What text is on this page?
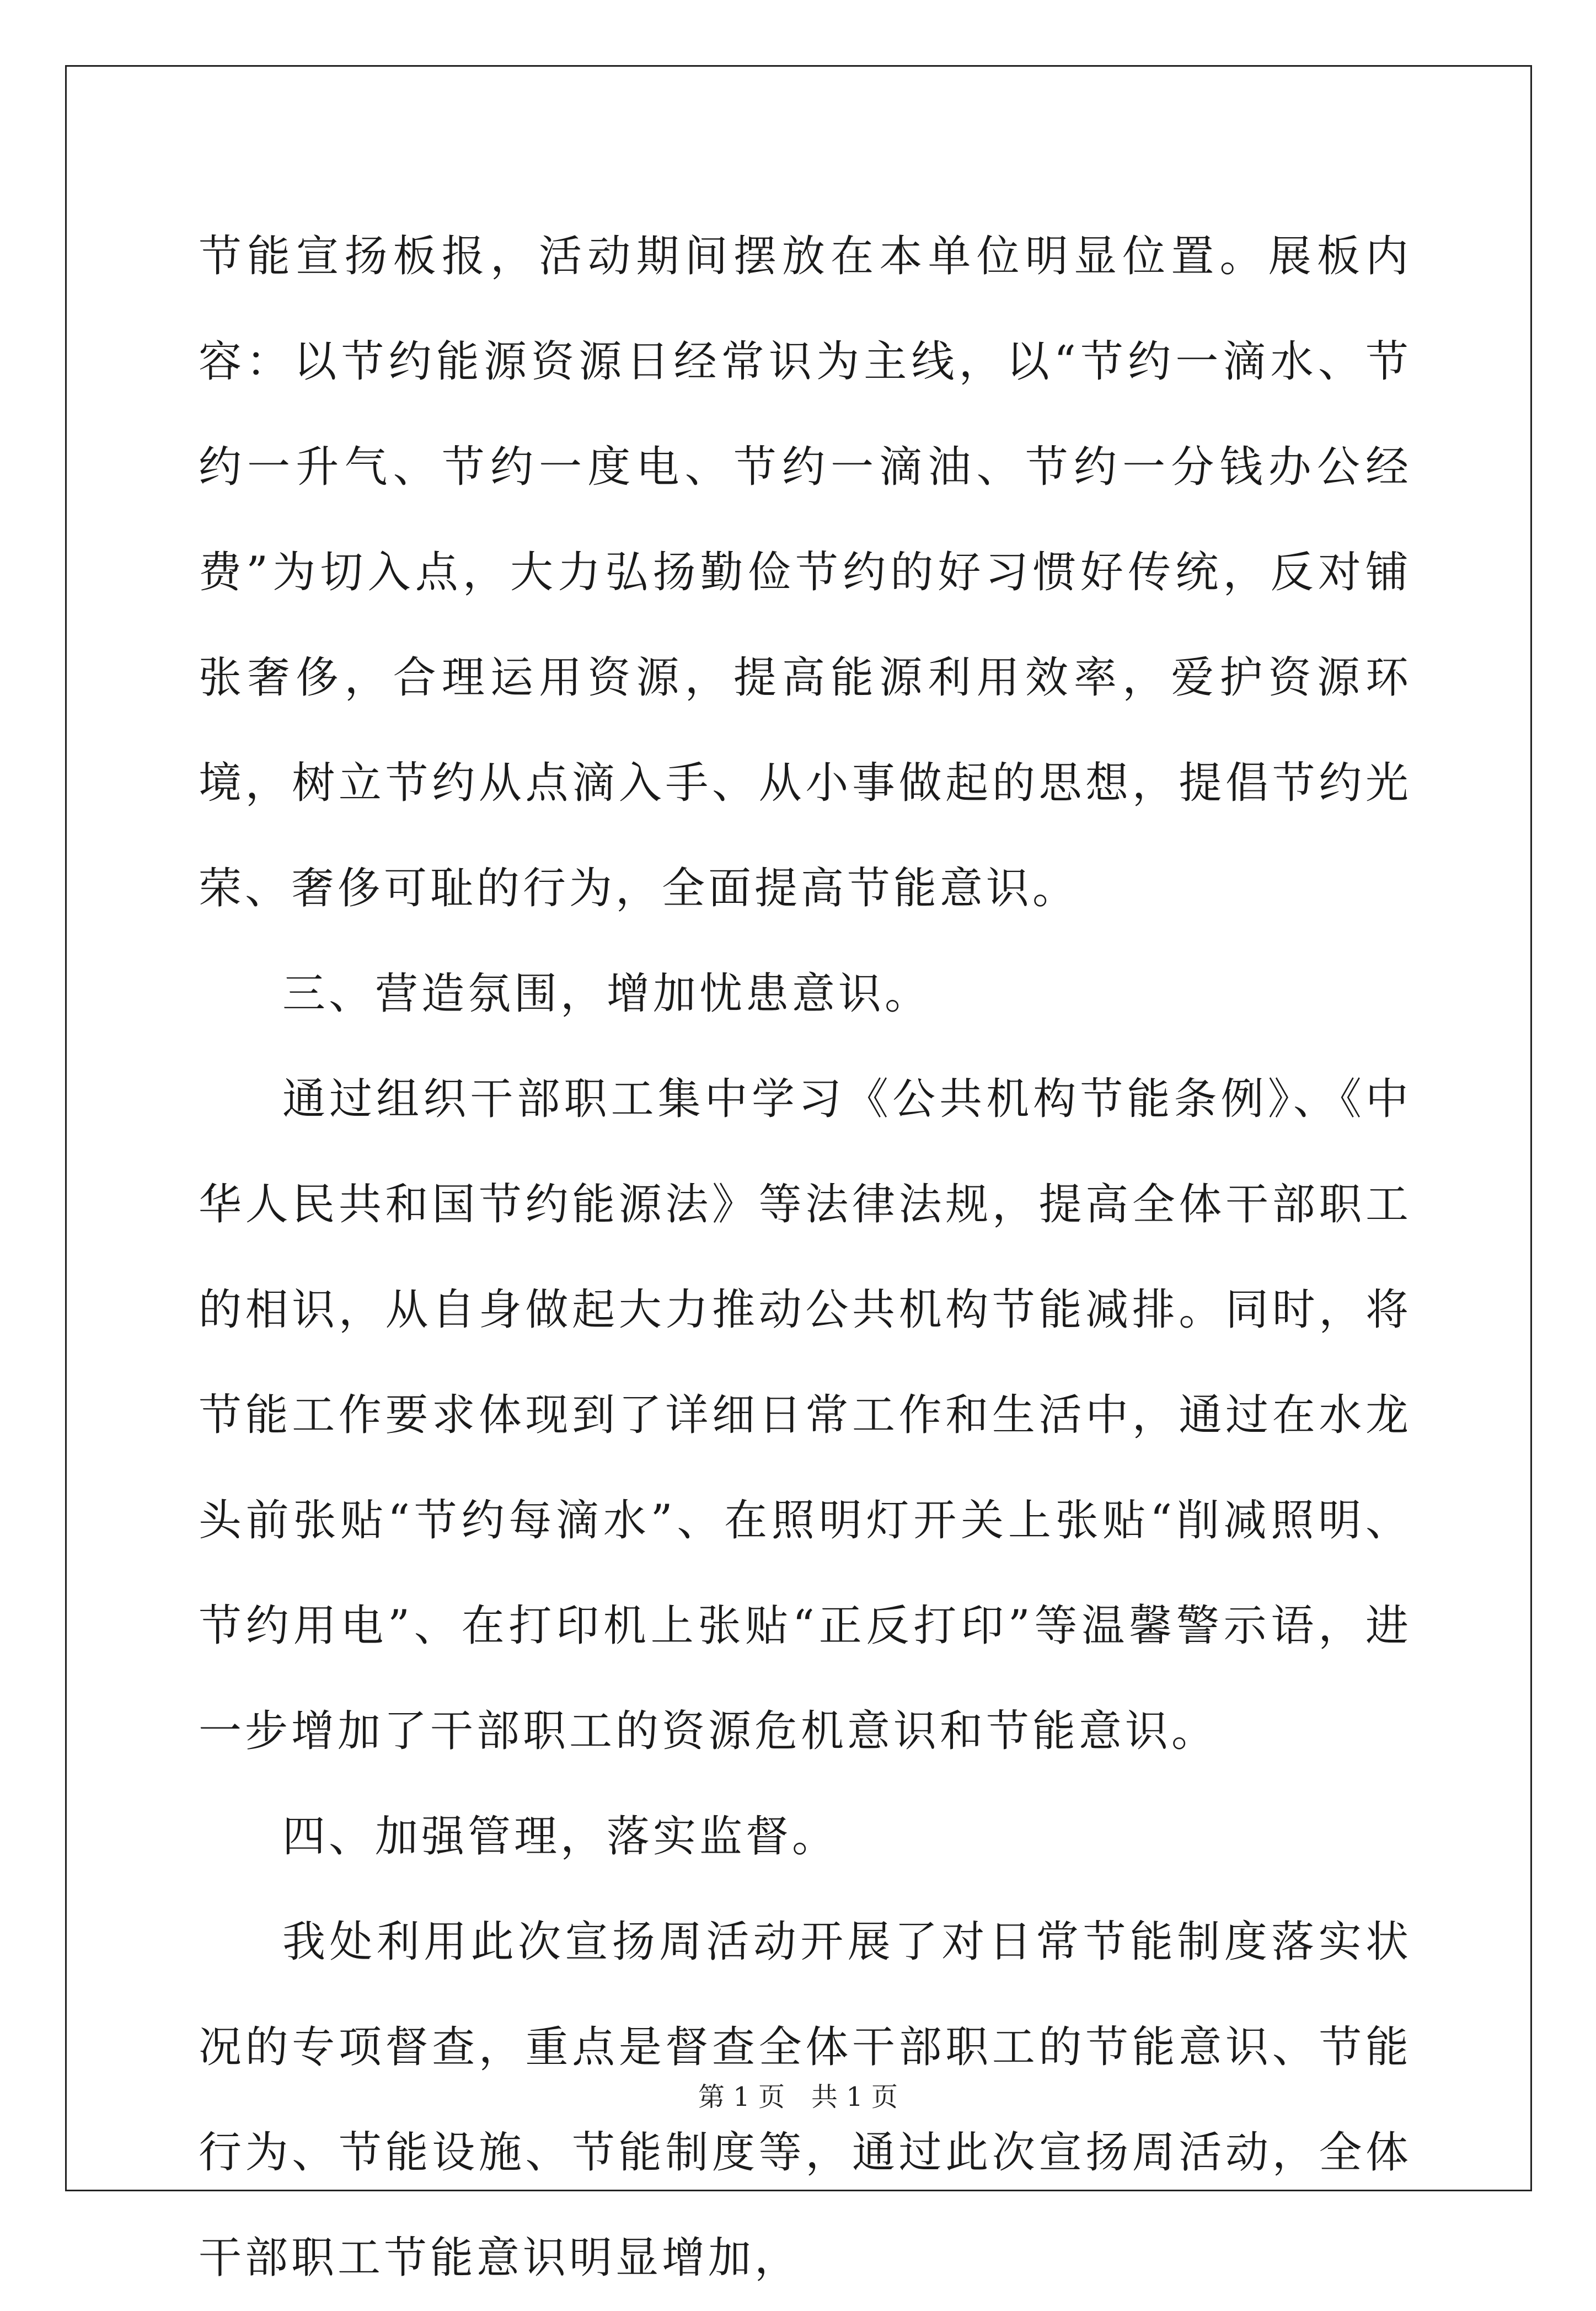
节能宣扬板报，活动期间摆放在本单位明显位置。展板内容：以节约能源资源日经常识为主线，以“节约一滴水、节约一升气、节约一度电、节约一滴油、节约一分钱办公经费”为切入点，大力弘扬勤俭节约的好习惯好传统，反对铺张奢侈，合理运用资源，提高能源利用效率，爱护资源环境，树立节约从点滴入手、从小事做起的思想，提倡节约光荣、奢侈可耻的行为，全面提高节能意识。

三、营造氛围，增加忧患意识。

通过组织干部职工集中学习《公共机构节能条例》、《中华人民共和国节约能源法》等法律法规，提高全体干部职工的相识，从自身做起大力推动公共机构节能减排。同时，将节能工作要求体现到了详细日常工作和生活中，通过在水龙头前张贴“节约每滴水”、在照明灯开关上张贴“削减照明、节约用电”、在打印机上张贴“正反打印”等温馨警示语，进一步增加了干部职工的资源危机意识和节能意识。

四、加强管理，落实监督。

我处利用此次宣扬周活动开展了对日常节能制度落实状况的专项督查，重点是督查全体干部职工的节能意识、节能行为、节能设施、节能制度等，通过此次宣扬周活动，全体干部职工节能意识明显增加，

第 1 页　共 1 页
